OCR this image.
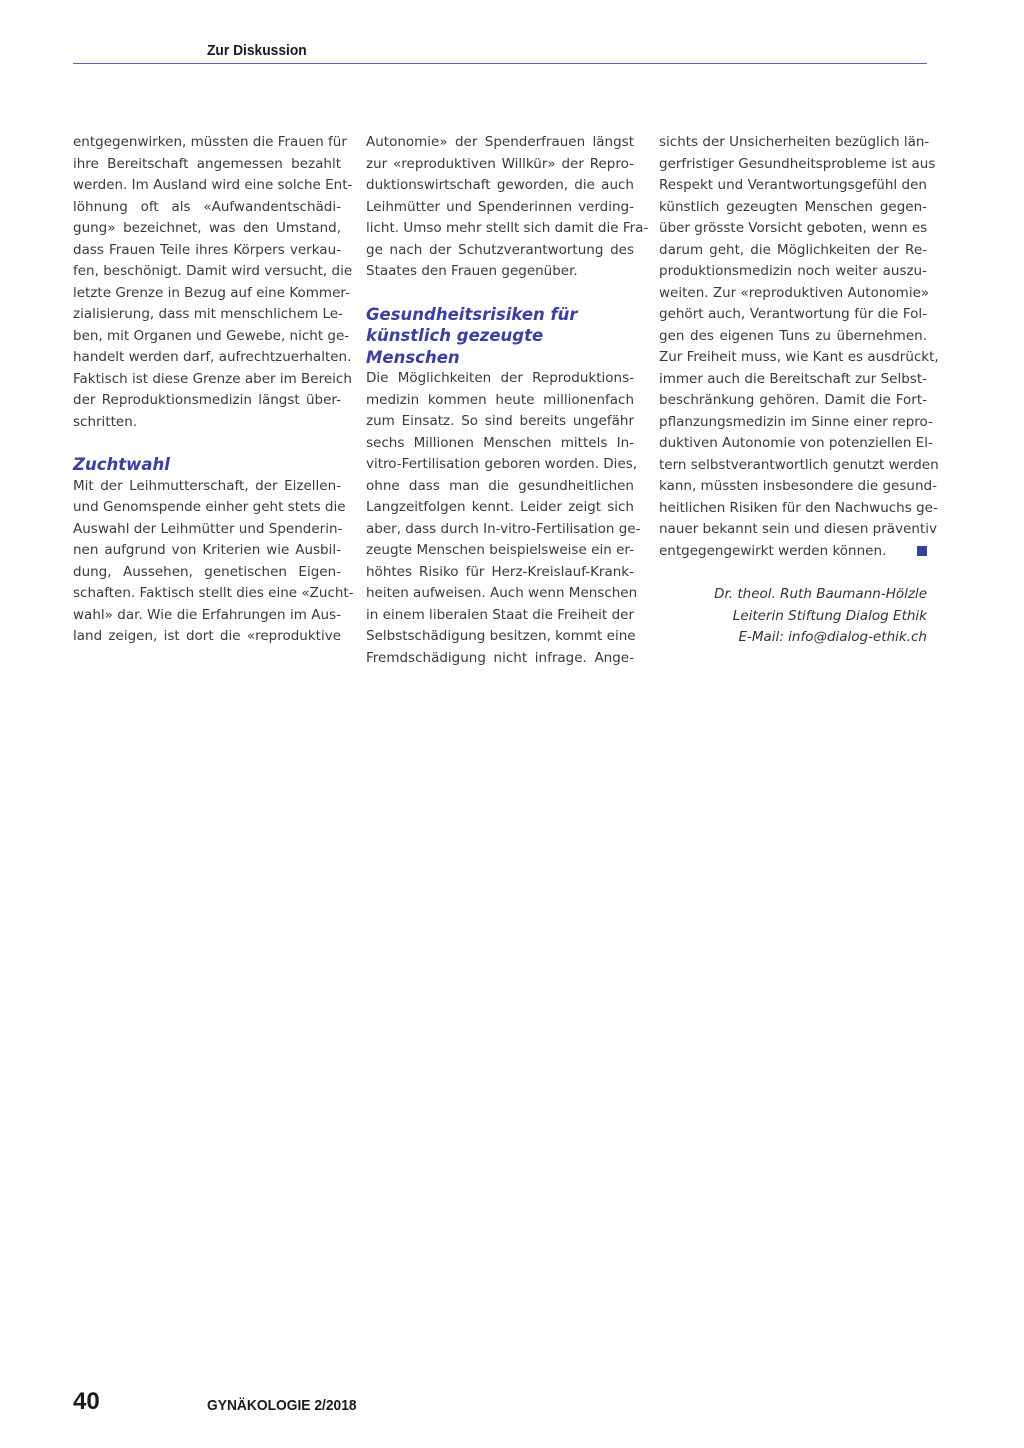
Zur Diskussion

entgegenwirken, müssten die Frauen für

ihre Bereitschaft angemessen bezahlt

werden. Im Ausland wird eine solche Ent-

löhnung oft als «Aufwandentschädi-

gung» bezeichnet, was den Umstand,

dass Frauen Teile ihres Körpers verkau-

fen, beschönigt. Damit wird versucht, die

letzte Grenze in Bezug auf eine Kommer-

zialisierung, dass mit menschlichem Le-

ben, mit Organen und Gewebe, nicht ge-

handelt werden darf, aufrechtzuerhalten.

Faktisch ist diese Grenze aber im Bereich

der Reproduktionsmedizin längst über-

schritten.

Zuchtwahl

Mit der Leihmutterschaft, der Eizellen-

und Genomspende einher geht stets die

Auswahl der Leihmütter und Spenderin-

nen aufgrund von Kriterien wie Ausbil-

dung, Aussehen, genetischen Eigen-

schaften. Faktisch stellt dies eine «Zucht-

wahl» dar. Wie die Erfahrungen im Aus-

land zeigen, ist dort die «reproduktive

Autonomie» der Spenderfrauen längst

zur «reproduktiven Willkür» der Repro-

duktionswirtschaft geworden, die auch

Leihmütter und Spenderinnen verding-

licht. Umso mehr stellt sich damit die Fra-

ge nach der Schutzverantwortung des

Staates den Frauen gegenüber.

Gesundheitsrisiken für
künstlich gezeugte Menschen

Die Möglichkeiten der Reproduktions-

medizin kommen heute millionenfach

zum Einsatz. So sind bereits ungefähr

sechs Millionen Menschen mittels In-

vitro-Fertilisation geboren worden. Dies,

ohne dass man die gesundheitlichen

Langzeitfolgen kennt. Leider zeigt sich

aber, dass durch In-vitro-Fertilisation ge-

zeugte Menschen beispielsweise ein er-

höhtes Risiko für Herz-Kreislauf-Krank-

heiten aufweisen. Auch wenn Menschen

in einem liberalen Staat die Freiheit der

Selbstschädigung besitzen, kommt eine

Fremdschädigung nicht infrage. Ange-

sichts der Unsicherheiten bezüglich län-

gerfristiger Gesundheitsprobleme ist aus

Respekt und Verantwortungsgefühl den

künstlich gezeugten Menschen gegen-

über grösste Vorsicht geboten, wenn es

darum geht, die Möglichkeiten der Re-

produktionsmedizin noch weiter auszu-

weiten. Zur «reproduktiven Autonomie»

gehört auch, Verantwortung für die Fol-

gen des eigenen Tuns zu übernehmen.

Zur Freiheit muss, wie Kant es ausdrückt,

immer auch die Bereitschaft zur Selbst-

beschränkung gehören. Damit die Fort-

pflanzungsmedizin im Sinne einer repro-

duktiven Autonomie von potenziellen El-

tern selbstverantwortlich genutzt werden

kann, müssten insbesondere die gesund-

heitlichen Risiken für den Nachwuchs ge-

nauer bekannt sein und diesen präventiv

entgegengewirkt werden können.

Dr. theol. Ruth Baumann-Hölzle
Leiterin Stiftung Dialog Ethik
E-Mail: info@dialog-ethik.ch
40	GYNÄKOLOGIE 2/2018
